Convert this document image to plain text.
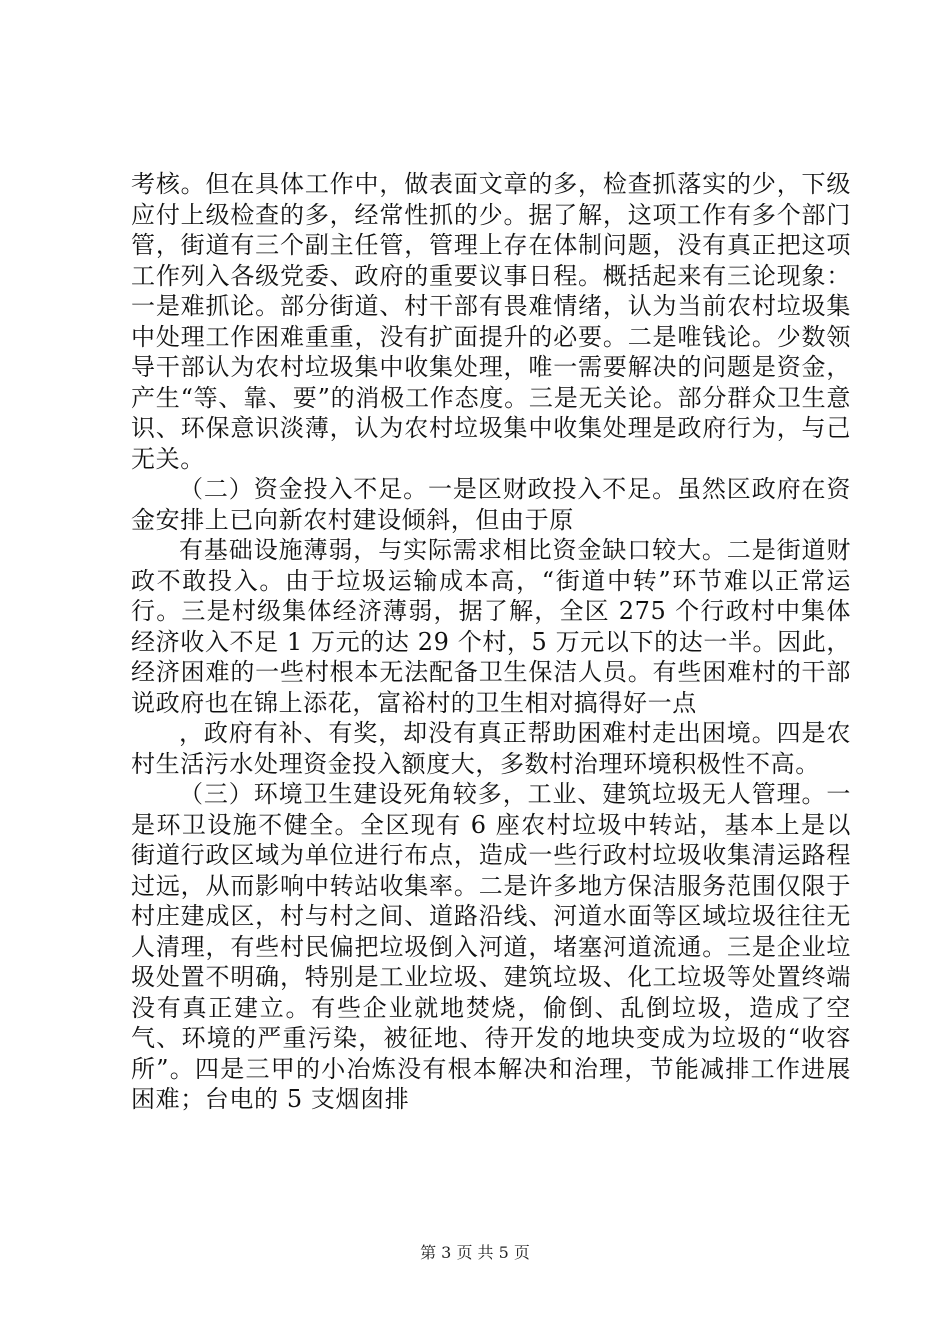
考核。但在具体工作中，做表面文章的多，检查抓落实的少，下级应付上级检查的多，经常性抓的少。据了解，这项工作有多个部门管，街道有三个副主任管，管理上存在体制问题，没有真正把这项工作列入各级党委、政府的重要议事日程。概括起来有三论现象：一是难抓论。部分街道、村干部有畏难情绪，认为当前农村垃圾集中处理工作困难重重，没有扩面提升的必要。二是唯钱论。少数领导干部认为农村垃圾集中收集处理，唯一需要解决的问题是资金，产生“等、靠、要”的消极工作态度。三是无关论。部分群众卫生意识、环保意识淡薄，认为农村垃圾集中收集处理是政府行为，与己无关。

（二）资金投入不足。一是区财政投入不足。虽然区政府在资金安排上已向新农村建设倾斜，但由于原

有基础设施薄弱，与实际需求相比资金缺口较大。二是街道财政不敢投入。由于垃圾运输成本高，“街道中转”环节难以正常运行。三是村级集体经济薄弱，据了解，全区 275 个行政村中集体经济收入不足 1 万元的达 29 个村，5 万元以下的达一半。因此，经济困难的一些村根本无法配备卫生保洁人员。有些困难村的干部说政府也在锦上添花，富裕村的卫生相对搞得好一点

，政府有补、有奖，却没有真正帮助困难村走出困境。四是农村生活污水处理资金投入额度大，多数村治理环境积极性不高。

（三）环境卫生建设死角较多，工业、建筑垃圾无人管理。一是环卫设施不健全。全区现有 6 座农村垃圾中转站，基本上是以街道行政区域为单位进行布点，造成一些行政村垃圾收集清运路程过远，从而影响中转站收集率。二是许多地方保洁服务范围仅限于村庄建成区，村与村之间、道路沿线、河道水面等区域垃圾往往无人清理，有些村民偏把垃圾倒入河道，堵塞河道流通。三是企业垃圾处置不明确，特别是工业垃圾、建筑垃圾、化工垃圾等处置终端没有真正建立。有些企业就地焚烧，偷倒、乱倒垃圾，造成了空气、环境的严重污染，被征地、待开发的地块变成为垃圾的“收容所”。四是三甲的小冶炼没有根本解决和治理，节能减排工作进展困难；台电的 5 支烟囱排

第 3 页 共 5 页
